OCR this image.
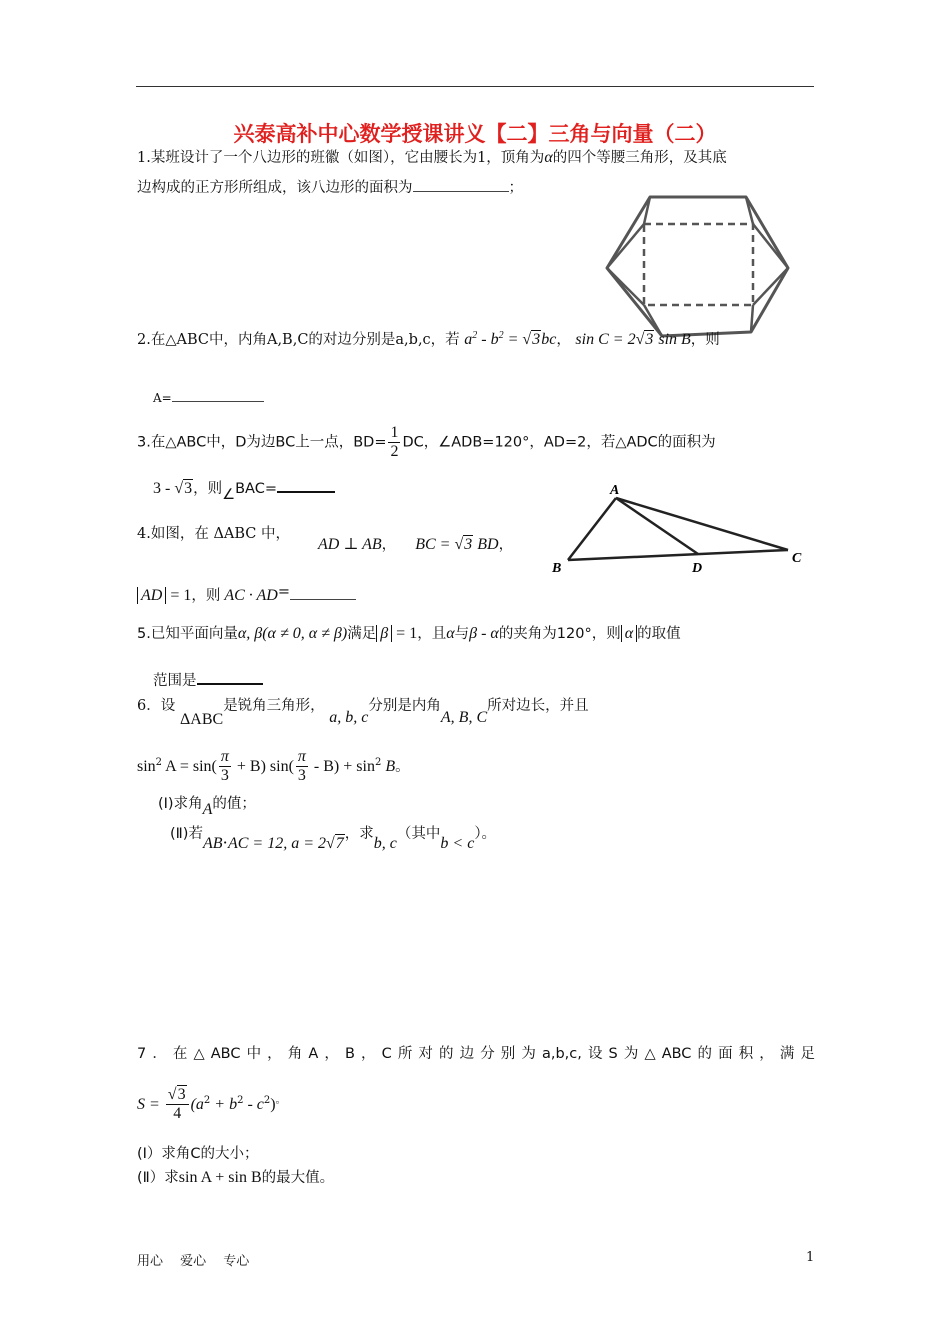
兴泰高补中心数学授课讲义【二】三角与向量（二）
1.某班设计了一个八边形的班徽（如图），它由腰长为1，顶角为α的四个等腰三角形，及其底
边构成的正方形所组成，该八边形的面积为	；
2.在△ABC中，内角A,B,C的对边分别是a,b,c，若 $a^2 - b^2 = √3bc$， sin C = 2√3 sin B，则
A=
3.在△ABC中，D为边BC上一点，$BD= \frac{1}{2}$ DC，∠ADB=120°，AD=2，若△ADC的面积为
3 - √3，则∠BAC=
4.如图，在 ΔABC 中，
AD ⊥ AB， BC = √3 BD，
AD = 1，则 AC · AD=
A
B	D
C
5.已知平面向量α, β(α ≠ 0, α ≠ β)满足 β = 1，且α与β - α的夹角为120°，则 α 的取值
范围是
6．设
ΔABC是锐角三角形， a, b, c分别是内角A, B, C所对边长，并且
$\sin^2 A = \sin( \frac{\pi}{3} + B)$ $\sin( \frac{\pi}{3} - B) + \sin^2 B$。
(Ⅰ)求角A的值；
(Ⅱ)若AB⋅AC = 12, a = 2√7，求b, c（其中b < c）。
7．在△ABC中，角A，B，C所对的边分别为a,b,c,设S为△ABC的面积，满足
$S = \frac{√3}{4} (a^2 + b^2 - c^2)^。$
(Ⅰ）求角C的大小；
(Ⅱ）求sin A + sin B的最大值。
用心　 爱心　 专心	1
